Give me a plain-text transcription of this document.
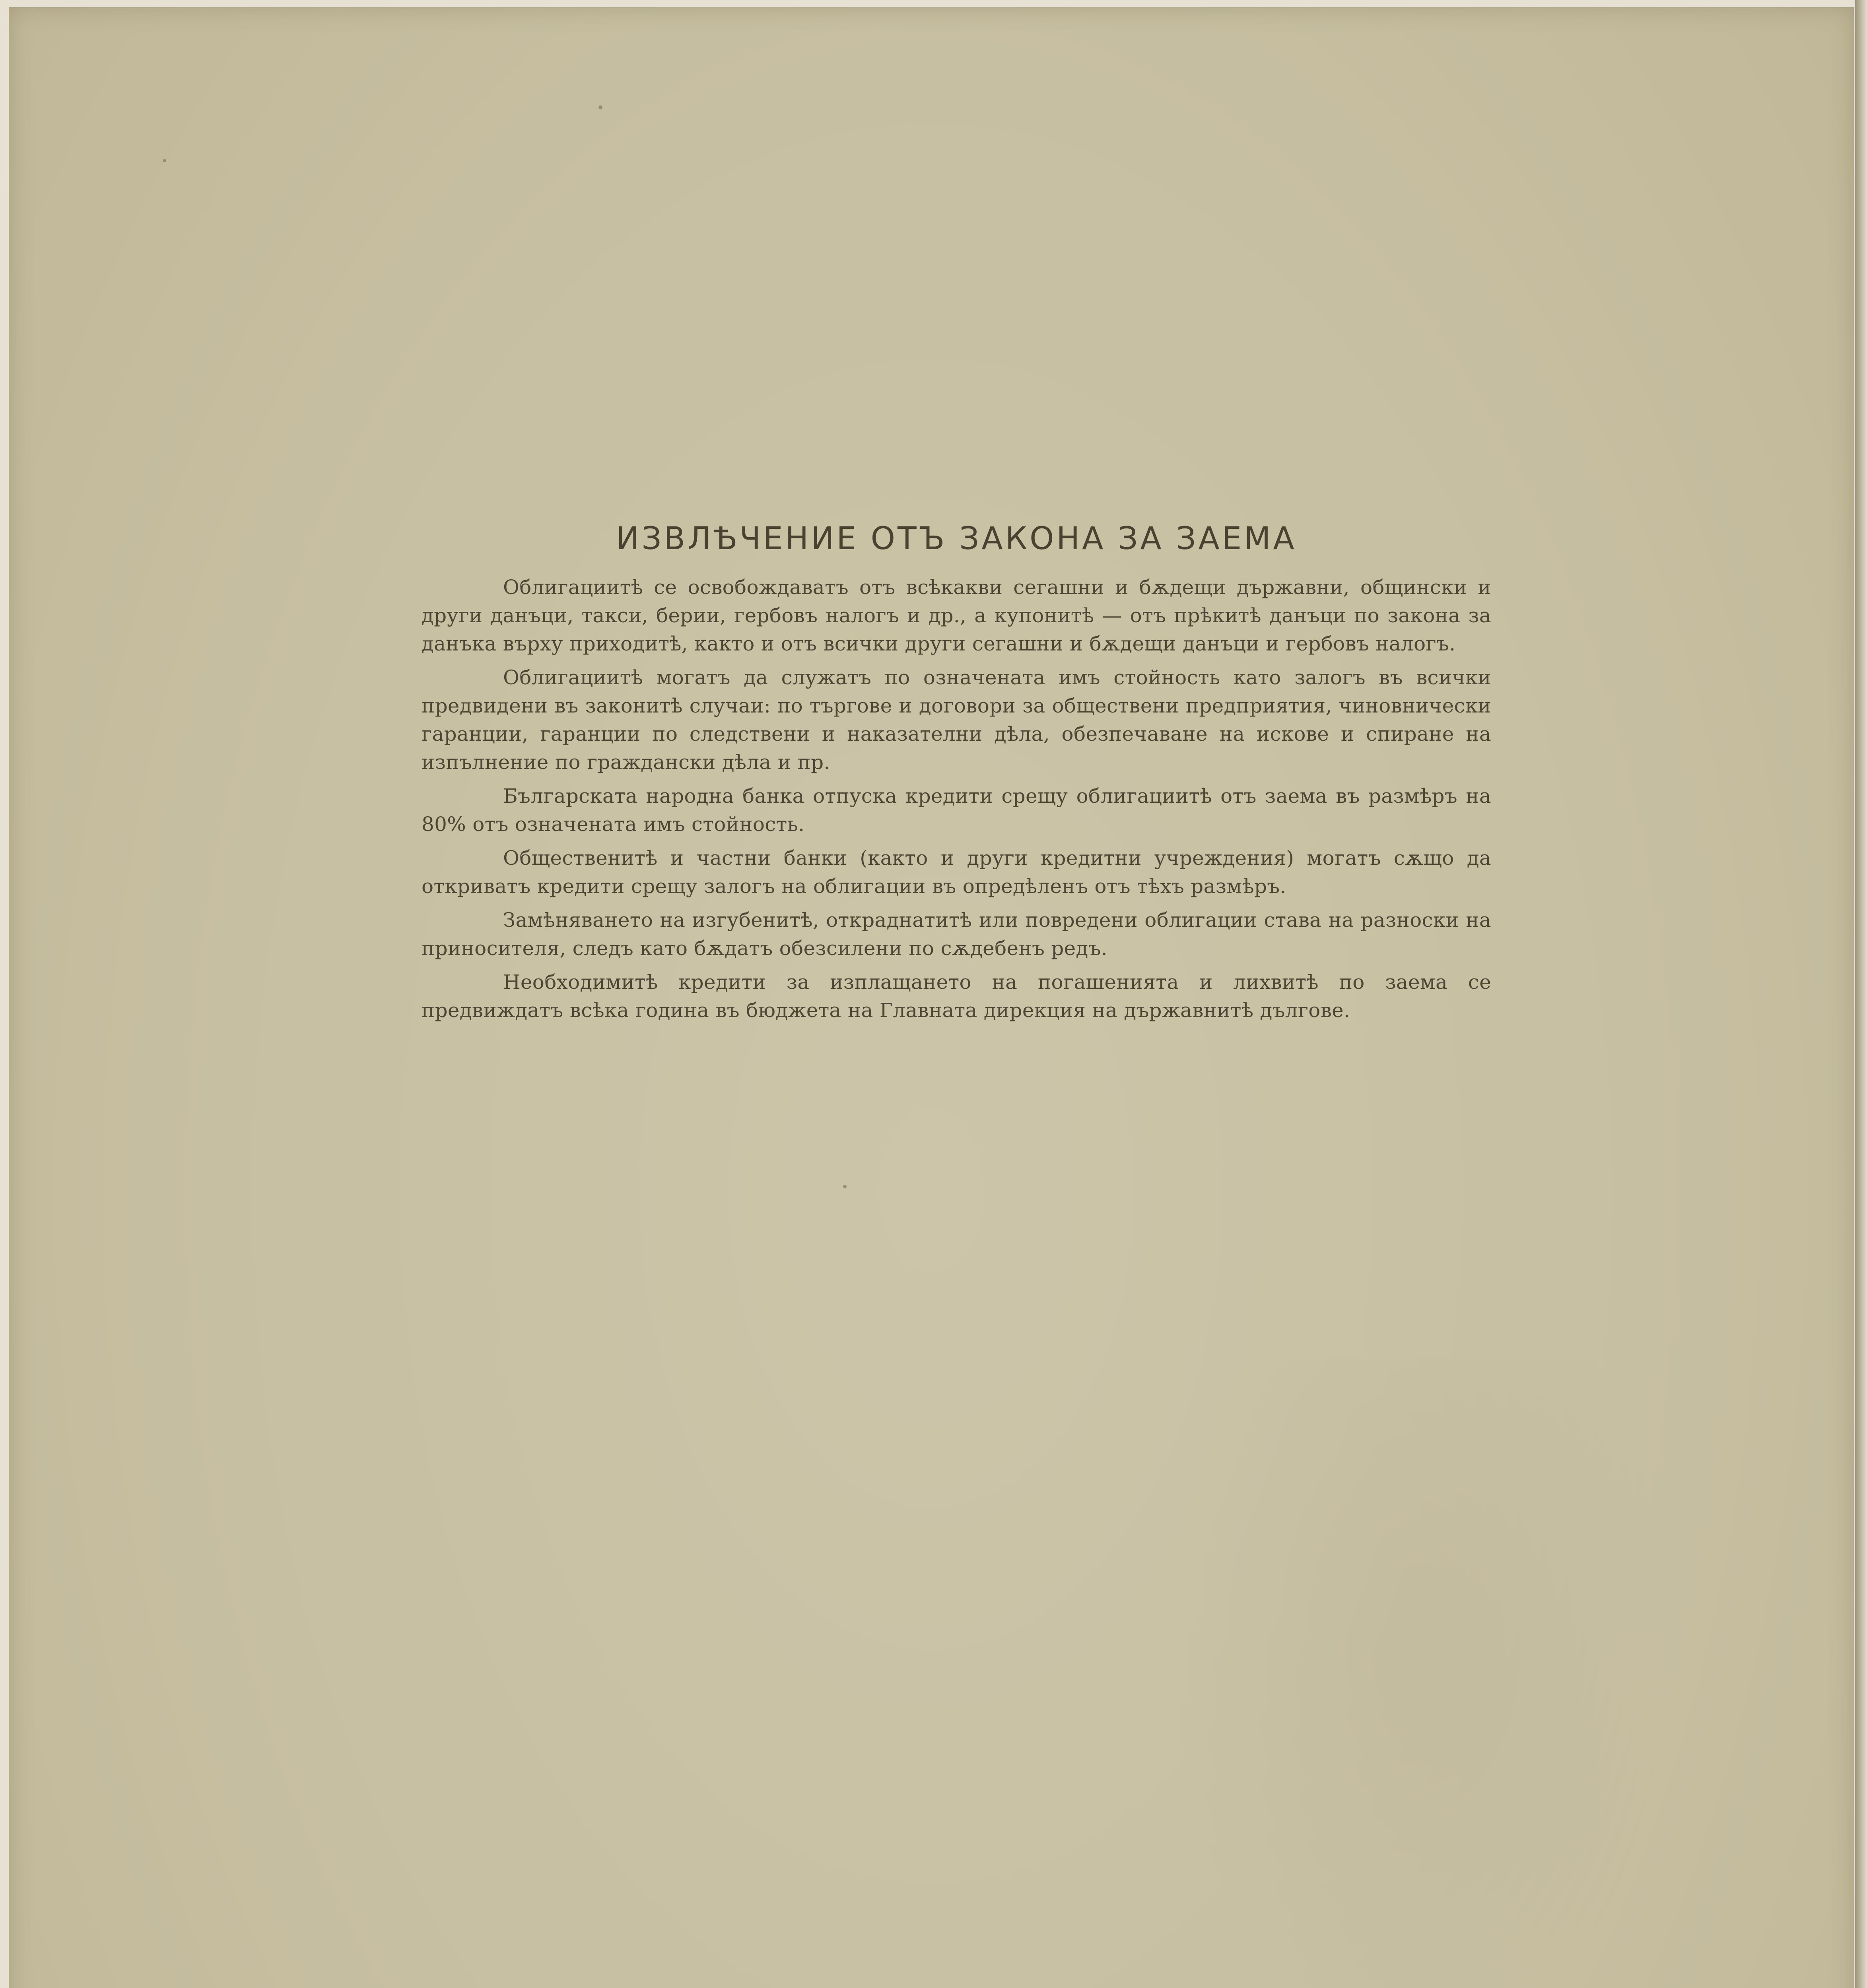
ИЗВЛѢЧЕНИЕ ОТЪ ЗАКОНА ЗА ЗАЕМА

Облигациитѣ се освобождаватъ отъ всѣкакви сегашни и бѫдещи държавни, общински и други данъци, такси, берии, гербовъ налогъ и др., а купонитѣ — отъ прѣкитѣ данъци по закона за данъка върху приходитѣ, както и отъ всички други сегашни и бѫдещи данъци и гербовъ налогъ.

Облигациитѣ могатъ да служатъ по означената имъ стойность като залогъ въ всички предвидени въ законитѣ случаи: по търгове и договори за обществени предприятия, чиновнически гаранции, гаранции по следствени и наказателни дѣла, обезпечаване на искове и спиране на изпълнение по граждански дѣла и пр.

Българската народна банка отпуска кредити срещу облигациитѣ отъ заема въ размѣръ на 80% отъ означената имъ стойность.

Общественитѣ и частни банки (както и други кредитни учреждения) могатъ сѫщо да откриватъ кредити срещу залогъ на облигации въ опредѣленъ отъ тѣхъ размѣръ.

Замѣняването на изгубенитѣ, откраднатитѣ или повредени облигации става на разноски на приносителя, следъ като бѫдатъ обезсилени по сѫдебенъ редъ.

Необходимитѣ кредити за изплащането на погашенията и лихвитѣ по заема се предвиждатъ всѣка година въ бюджета на Главната дирекция на държавнитѣ дългове.
